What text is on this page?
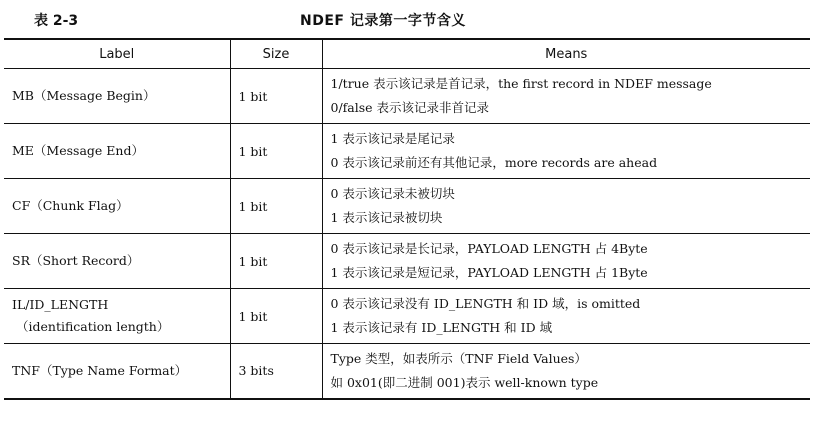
表 2-3	NDEF 记录第一字节含义
Label	Size	Means
MB（Message Begin）	1 bit	1/true 表示该记录是首记录，the first record in NDEF message
0/false 表示该记录非首记录

ME（Message End）	1 bit	1 表示该记录是尾记录
0 表示该记录前还有其他记录，more records are ahead

CF（Chunk Flag）	1 bit	0 表示该记录未被切块
1 表示该记录被切块

SR（Short Record）	1 bit	0 表示该记录是长记录，PAYLOAD LENGTH 占 4Byte
1 表示该记录是短记录，PAYLOAD LENGTH 占 1Byte

IL/ID_LENGTH
（identification length）	1 bit	0 表示该记录没有 ID_LENGTH 和 ID 域，is omitted
1 表示该记录有 ID_LENGTH 和 ID 域

TNF（Type Name Format）	3 bits	Type 类型，如表所示（TNF Field Values）
如 0x01(即二进制 001)表示 well-known type
